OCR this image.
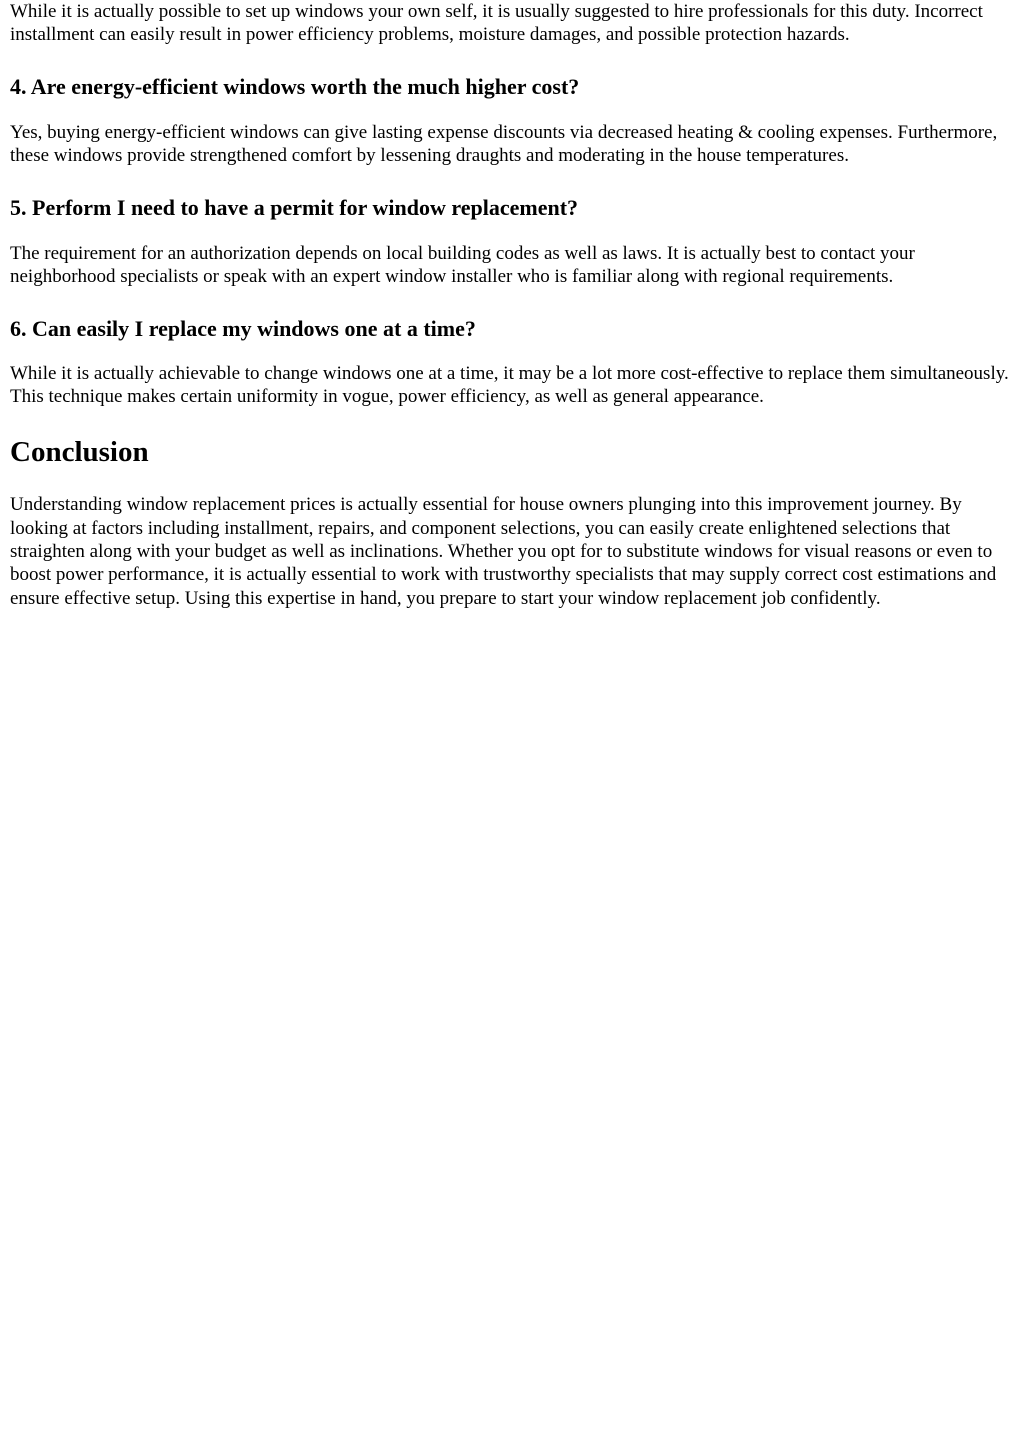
While it is actually possible to set up windows your own self, it is usually suggested to hire professionals for this duty. Incorrect installment can easily result in power efficiency problems, moisture damages, and possible protection hazards.

4. Are energy-efficient windows worth the much higher cost?

Yes, buying energy-efficient windows can give lasting expense discounts via decreased heating & cooling expenses. Furthermore, these windows provide strengthened comfort by lessening draughts and moderating in the house temperatures.

5. Perform I need to have a permit for window replacement?

The requirement for an authorization depends on local building codes as well as laws. It is actually best to contact your neighborhood specialists or speak with an expert window installer who is familiar along with regional requirements.

6. Can easily I replace my windows one at a time?

While it is actually achievable to change windows one at a time, it may be a lot more cost-effective to replace them simultaneously. This technique makes certain uniformity in vogue, power efficiency, as well as general appearance.

Conclusion

Understanding window replacement prices is actually essential for house owners plunging into this improvement journey. By looking at factors including installment, repairs, and component selections, you can easily create enlightened selections that straighten along with your budget as well as inclinations. Whether you opt for to substitute windows for visual reasons or even to boost power performance, it is actually essential to work with trustworthy specialists that may supply correct cost estimations and ensure effective setup. Using this expertise in hand, you prepare to start your window replacement job confidently.
